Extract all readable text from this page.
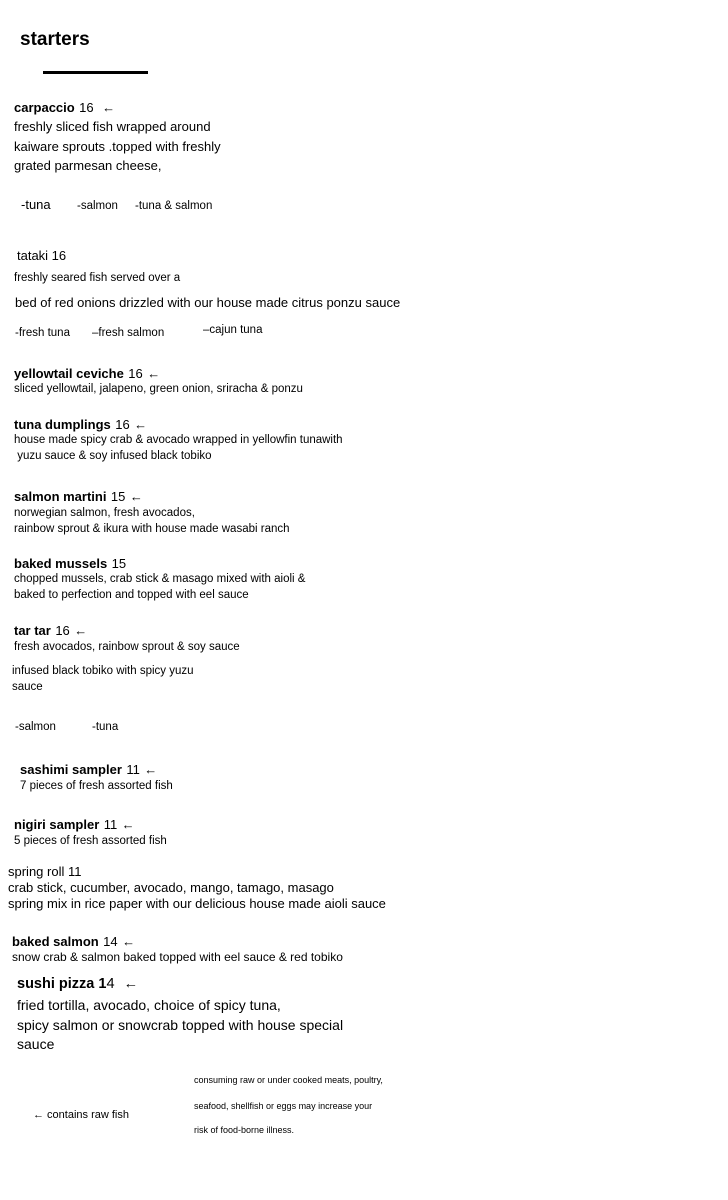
starters
carpaccio 16 ←
freshly sliced fish wrapped around
kaiware sprouts .topped with freshly
grated parmesan cheese,
-tuna -salmon -tuna & salmon
tataki 16
freshly seared fish served over a
bed of red onions drizzled with our house made citrus ponzu sauce
-fresh tuna –fresh salmon	–cajun tuna
yellowtail ceviche 16 ←
sliced yellowtail, jalapeno, green onion, sriracha & ponzu
tuna dumplings 16 ←
house made spicy crab & avocado wrapped in yellowfin tunawith
yuzu sauce & soy infused black tobiko
salmon martini 15 ←
norwegian salmon, fresh avocados,
rainbow sprout & ikura with house made wasabi ranch
baked mussels 15
chopped mussels, crab stick & masago mixed with aioli &
baked to perfection and topped with eel sauce
tar tar 16 ←
fresh avocados, rainbow sprout & soy sauce
infused black tobiko with spicy yuzu
sauce
-salmon	-tuna
sashimi sampler 11 ←
7 pieces of fresh assorted fish
nigiri sampler 11 ←
5 pieces of fresh assorted fish
spring roll 11
crab stick, cucumber, avocado, mango, tamago, masago
spring mix in rice paper with our delicious house made aioli sauce
baked salmon 14 ←
snow crab & salmon baked topped with eel sauce & red tobiko
sushi pizza 14 ←
fried tortilla, avocado, choice of spicy tuna,
spicy salmon or snowcrab topped with house special
sauce
← contains raw fish
consuming raw or under cooked meats, poultry,
seafood, shellfish or eggs may increase your
risk of food-borne illness.
